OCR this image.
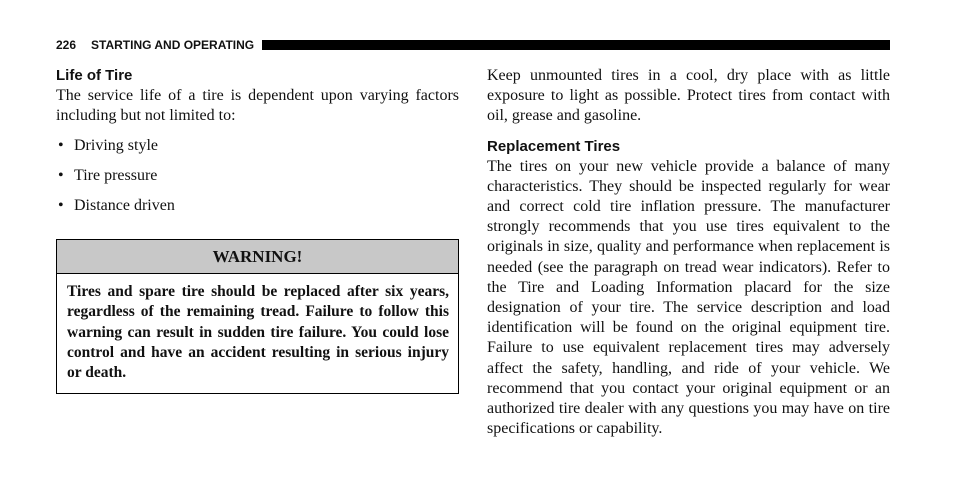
226 STARTING AND OPERATING
Life of Tire

The service life of a tire is dependent upon varying factors including but not limited to:

• Driving style
• Tire pressure
• Distance driven
WARNING!

Tires and spare tire should be replaced after six years, regardless of the remaining tread. Failure to follow this warning can result in sudden tire failure. You could lose control and have an accident resulting in serious injury or death.

Keep unmounted tires in a cool, dry place with as little exposure to light as possible. Protect tires from contact with oil, grease and gasoline.

Replacement Tires

The tires on your new vehicle provide a balance of many characteristics. They should be inspected regularly for wear and correct cold tire inflation pressure. The manufacturer strongly recommends that you use tires equivalent to the originals in size, quality and performance when replacement is needed (see the paragraph on tread wear indicators). Refer to the Tire and Loading Information placard for the size designation of your tire. The service description and load identification will be found on the original equipment tire. Failure to use equivalent replacement tires may adversely affect the safety, handling, and ride of your vehicle. We recommend that you contact your original equipment or an authorized tire dealer with any questions you may have on tire specifications or capability.
